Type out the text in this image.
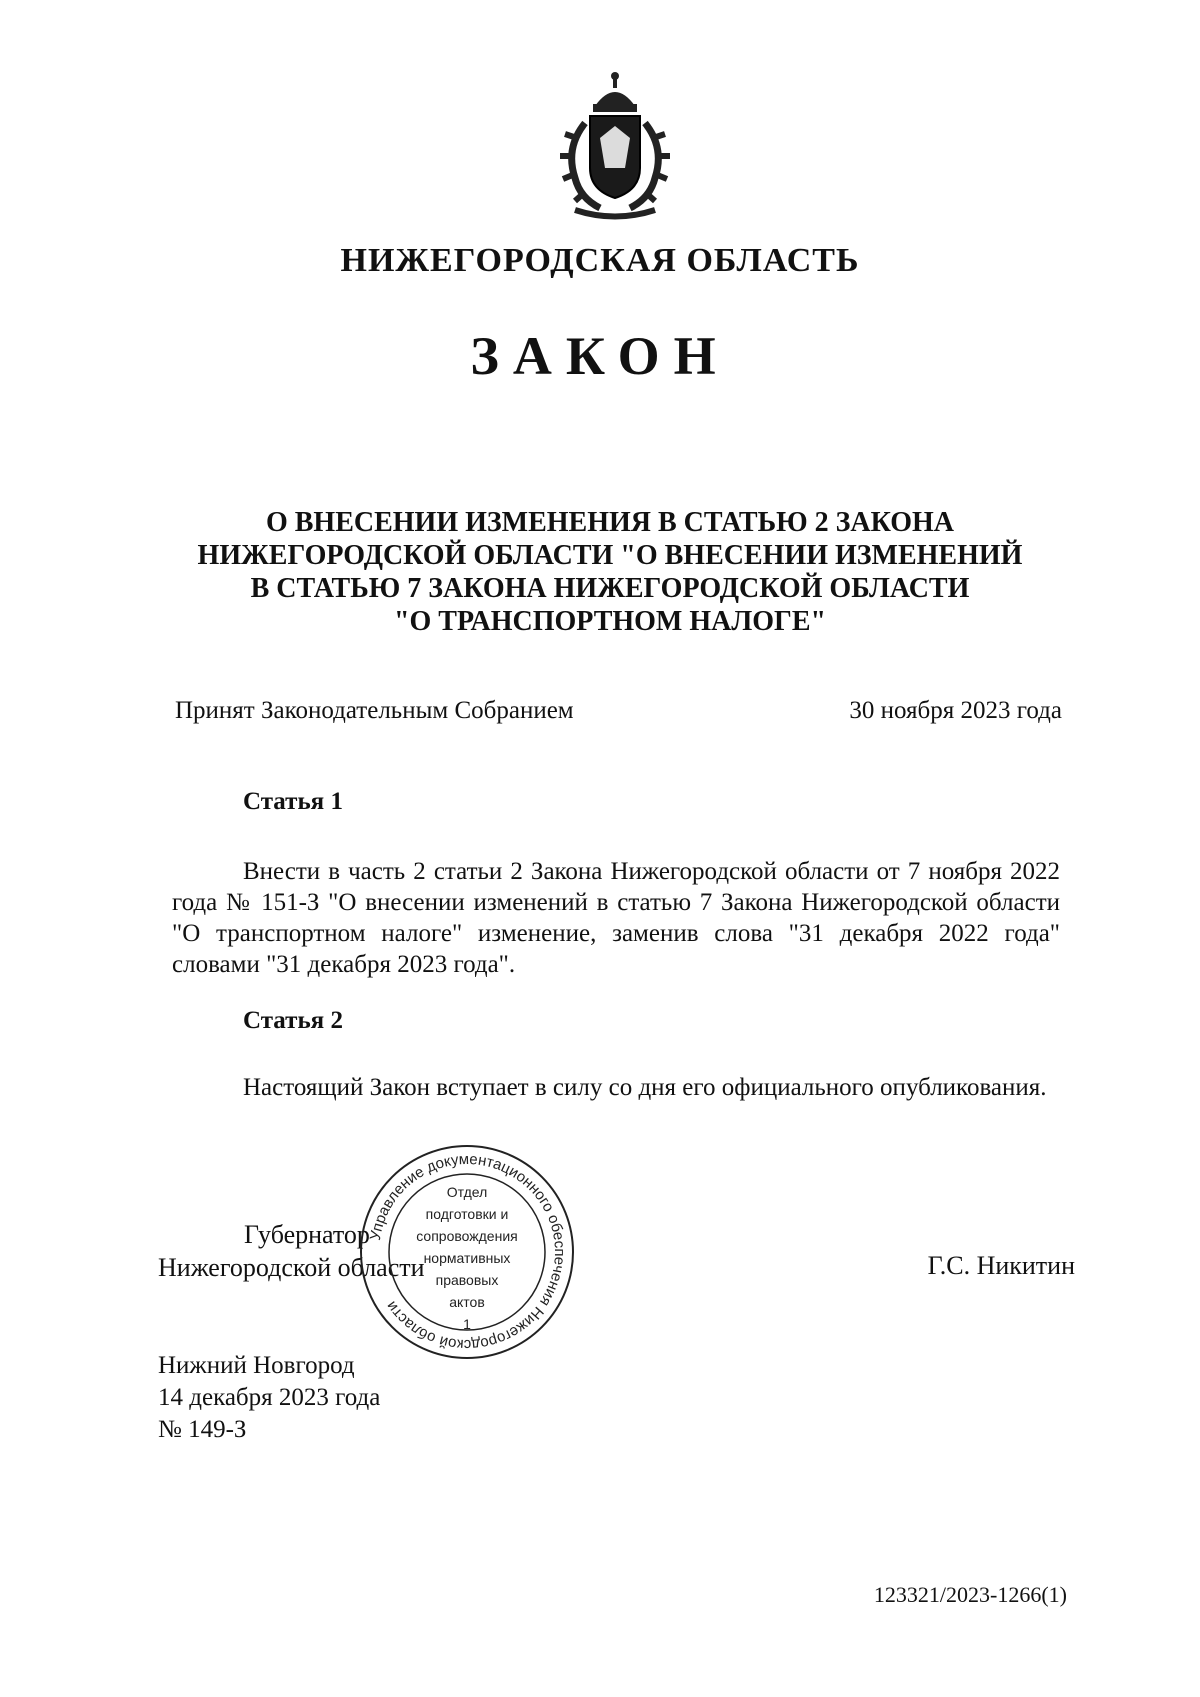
НИЖЕГОРОДСКАЯ ОБЛАСТЬ
ЗАКОН
О ВНЕСЕНИИ ИЗМЕНЕНИЯ В СТАТЬЮ 2 ЗАКОНА
НИЖЕГОРОДСКОЙ ОБЛАСТИ "О ВНЕСЕНИИ ИЗМЕНЕНИЙ
В СТАТЬЮ 7 ЗАКОНА НИЖЕГОРОДСКОЙ ОБЛАСТИ
"О ТРАНСПОРТНОМ НАЛОГЕ"
Принят Законодательным Собранием	30 ноября 2023 года
Статья 1
Внести в часть 2 статьи 2 Закона Нижегородской области от 7 ноября 2022 года № 151-З "О внесении изменений в статью 7 Закона Нижегородской области "О транспортном налоге" изменение, заменив слова "31 декабря 2022 года" словами "31 декабря 2023 года".
Статья 2
Настоящий Закон вступает в силу со дня его официального опубликования.
Губернатор
Нижегородской области	Г.С. Никитин
Управление документационного обеспечения Нижегородской области
Отдел
подготовки и
сопровождения
нормативных
правовых
актов
1
Нижний Новгород
14 декабря 2023 года
№ 149-З
123321/2023-1266(1)
